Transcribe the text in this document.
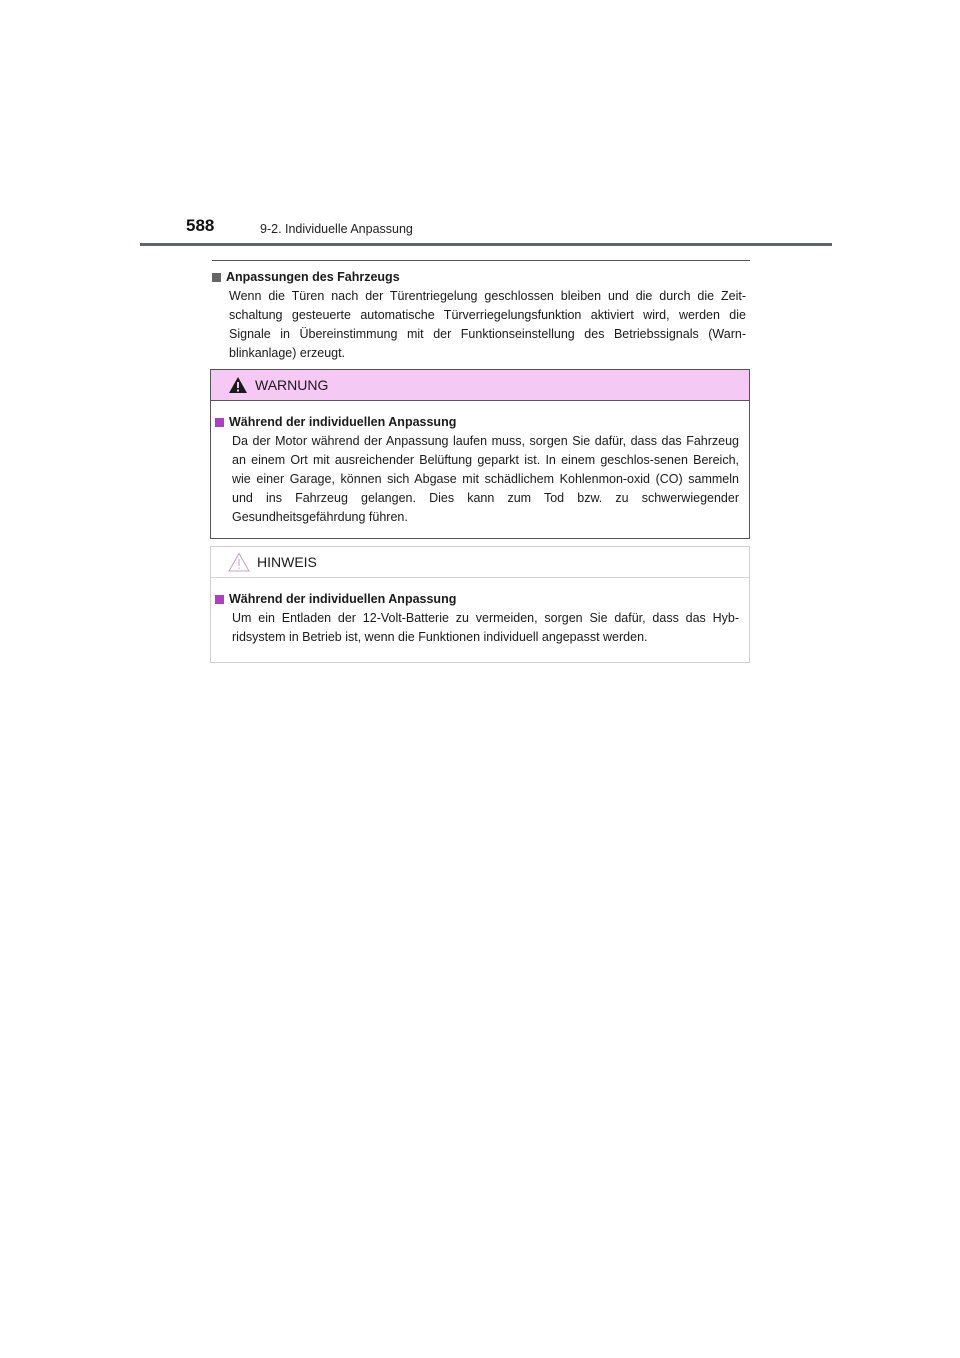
588	9-2. Individuelle Anpassung
Anpassungen des Fahrzeugs

Wenn die Türen nach der Türentriegelung geschlossen bleiben und die durch die Zeit-schaltung gesteuerte automatische Türverriegelungsfunktion aktiviert wird, werden die Signale in Übereinstimmung mit der Funktionseinstellung des Betriebssignals (Warn-blinkanlage) erzeugt.

WARNUNG
Während der individuellen Anpassung

Da der Motor während der Anpassung laufen muss, sorgen Sie dafür, dass das Fahrzeug an einem Ort mit ausreichender Belüftung geparkt ist. In einem geschlos-senen Bereich, wie einer Garage, können sich Abgase mit schädlichem Kohlenmon-oxid (CO) sammeln und ins Fahrzeug gelangen. Dies kann zum Tod bzw. zu schwerwiegender Gesundheitsgefährdung führen.

HINWEIS
Während der individuellen Anpassung

Um ein Entladen der 12-Volt-Batterie zu vermeiden, sorgen Sie dafür, dass das Hyb-ridsystem in Betrieb ist, wenn die Funktionen individuell angepasst werden.
